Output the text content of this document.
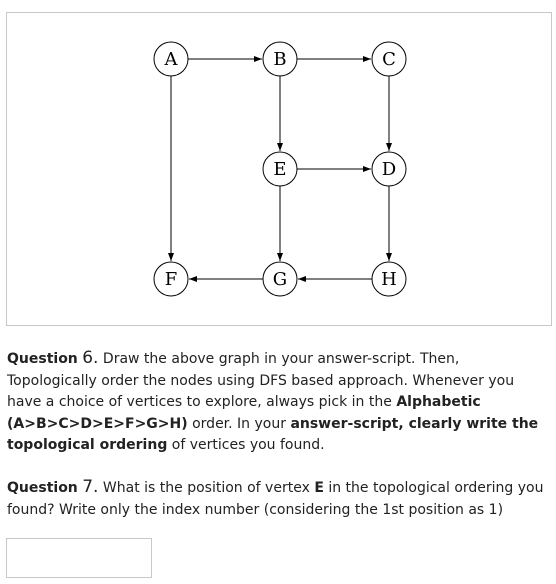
A	B	C
E	D
F	G	H
Question 6. Draw the above graph in your answer-script. Then, Topologically order the nodes using DFS based approach. Whenever you have a choice of vertices to explore, always pick in the Alphabetic (A>B>C>D>E>F>G>H) order. In your answer-script, clearly write the topological ordering of vertices you found.
Question 7. What is the position of vertex E in the topological ordering you found? Write only the index number (considering the 1st position as 1)
